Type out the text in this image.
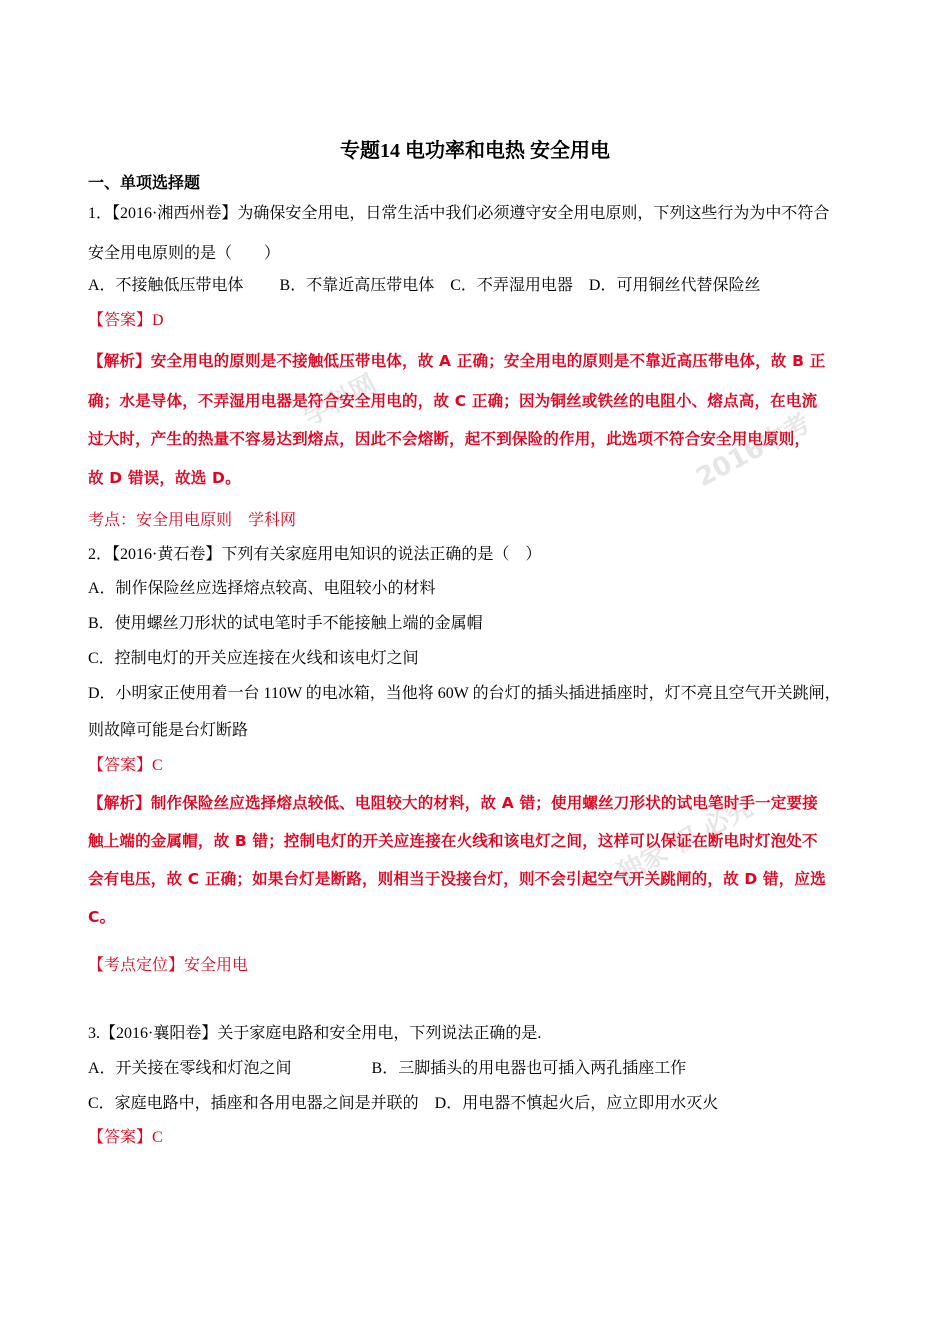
学科网
2016中考
独家 权 必究
专题14 电功率和电热 安全用电
一、单项选择题
1．【2016·湘西州卷】为确保安全用电，日常生活中我们必须遵守安全用电原则，下列这些行为为中不符合
安全用电原则的是（　　）
A．不接触低压带电体　　 B．不靠近高压带电体　C．不弄湿用电器　D．可用铜丝代替保险丝
【答案】D
【解析】安全用电的原则是不接触低压带电体，故 A 正确；安全用电的原则是不靠近高压带电体，故 B 正
确；水是导体，不弄湿用电器是符合安全用电的，故 C 正确；因为铜丝或铁丝的电阻小、熔点高，在电流
过大时，产生的热量不容易达到熔点，因此不会熔断，起不到保险的作用，此选项不符合安全用电原则，
故 D 错误，故选 D。
考点：安全用电原则　学科网
2．【2016·黄石卷】下列有关家庭用电知识的说法正确的是（　）
A．制作保险丝应选择熔点较高、电阻较小的材料
B．使用螺丝刀形状的试电笔时手不能接触上端的金属帽
C．控制电灯的开关应连接在火线和该电灯之间
D．小明家正使用着一台 110W 的电冰箱，当他将 60W 的台灯的插头插进插座时，灯不亮且空气开关跳闸，
则故障可能是台灯断路
【答案】C
【解析】制作保险丝应选择熔点较低、电阻较大的材料，故 A 错；使用螺丝刀形状的试电笔时手一定要接
触上端的金属帽，故 B 错；控制电灯的开关应连接在火线和该电灯之间，这样可以保证在断电时灯泡处不
会有电压，故 C 正确；如果台灯是断路，则相当于没接台灯，则不会引起空气开关跳闸的，故 D 错，应选
C。
【考点定位】安全用电
3.【2016·襄阳卷】关于家庭电路和安全用电，下列说法正确的是.
A．开关接在零线和灯泡之间　　　　　B．三脚插头的用电器也可插入两孔插座工作
C．家庭电路中，插座和各用电器之间是并联的　D．用电器不慎起火后，应立即用水灭火
【答案】C
